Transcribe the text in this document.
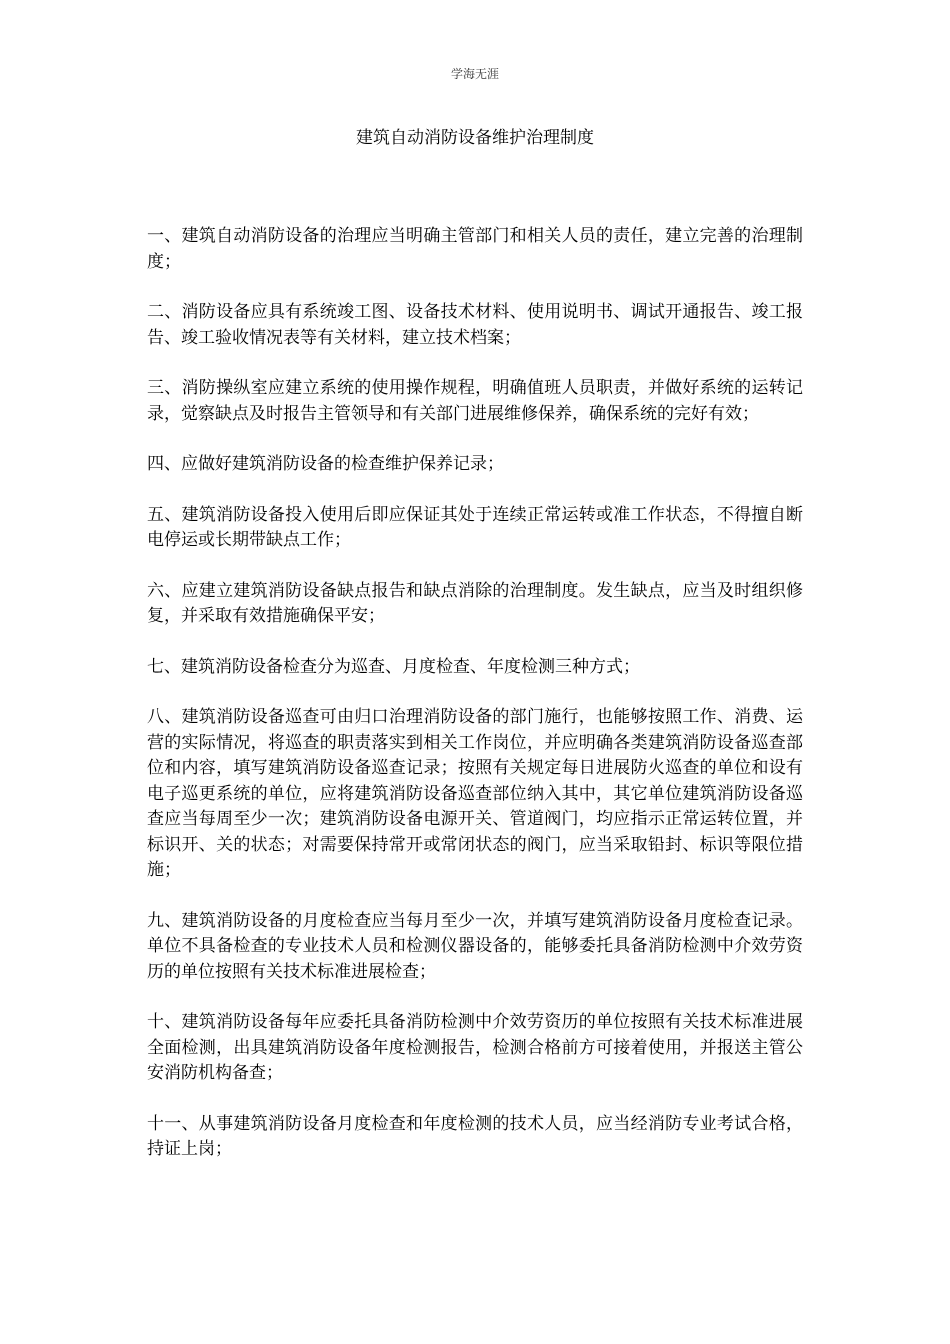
学海无涯
建筑自动消防设备维护治理制度

一、建筑自动消防设备的治理应当明确主管部门和相关人员的责任，建立完善的治理制度；

二、消防设备应具有系统竣工图、设备技术材料、使用说明书、调试开通报告、竣工报告、竣工验收情况表等有关材料，建立技术档案；

三、消防操纵室应建立系统的使用操作规程，明确值班人员职责，并做好系统的运转记录，觉察缺点及时报告主管领导和有关部门进展维修保养，确保系统的完好有效；

四、应做好建筑消防设备的检查维护保养记录；

五、建筑消防设备投入使用后即应保证其处于连续正常运转或准工作状态，不得擅自断电停运或长期带缺点工作；

六、应建立建筑消防设备缺点报告和缺点消除的治理制度。发生缺点，应当及时组织修复，并采取有效措施确保平安；

七、建筑消防设备检查分为巡查、月度检查、年度检测三种方式；

八、建筑消防设备巡查可由归口治理消防设备的部门施行，也能够按照工作、消费、运营的实际情况，将巡查的职责落实到相关工作岗位，并应明确各类建筑消防设备巡查部位和内容，填写建筑消防设备巡查记录；按照有关规定每日进展防火巡查的单位和设有电子巡更系统的单位，应将建筑消防设备巡查部位纳入其中，其它单位建筑消防设备巡查应当每周至少一次；建筑消防设备电源开关、管道阀门，均应指示正常运转位置，并标识开、关的状态；对需要保持常开或常闭状态的阀门，应当采取铅封、标识等限位措施；

九、建筑消防设备的月度检查应当每月至少一次，并填写建筑消防设备月度检查记录。单位不具备检查的专业技术人员和检测仪器设备的，能够委托具备消防检测中介效劳资历的单位按照有关技术标准进展检查；

十、建筑消防设备每年应委托具备消防检测中介效劳资历的单位按照有关技术标准进展全面检测，出具建筑消防设备年度检测报告，检测合格前方可接着使用，并报送主管公安消防机构备查；

十一、从事建筑消防设备月度检查和年度检测的技术人员，应当经消防专业考试合格，持证上岗；
